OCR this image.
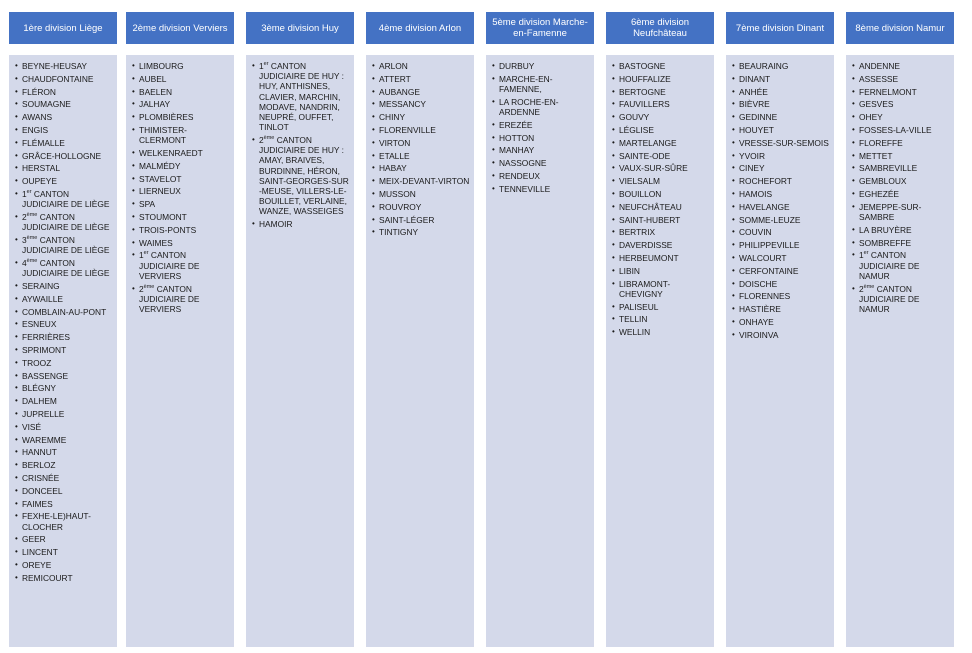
1ère division Liège
• BEYNE-HEUSAY
• CHAUDFONTAINE
• FLÉRON
• SOUMAGNE
• AWANS
• ENGIS
• FLÉMALLE
• GRÂCE-HOLLOGNE
• HERSTAL
• OUPEYE
• 1er CANTON JUDICIAIRE DE LIÈGE
• 2ème CANTON JUDICIAIRE DE LIÈGE
• 3ème CANTON JUDICIAIRE DE LIÈGE
• 4ème CANTON JUDICIAIRE DE LIÈGE
• SERAING
• AYWAILLE
• COMBLAIN-AU-PONT
• ESNEUX
• FERRIÈRES
• SPRIMONT
• TROOZ
• BASSENGE
• BLÉGNY
• DALHEM
• JUPRELLE
• VISÉ
• WAREMME
• HANNUT
• BERLOZ
• CRISNÉE
• DONCEEL
• FAIMES
• FEXHE-LE)HAUT-CLOCHER
• GEER
• LINCENT
• OREYE
• REMICOURT
2ème division Verviers
• LIMBOURG
• AUBEL
• BAELEN
• JALHAY
• PLOMBIÈRES
• THIMISTER-CLERMONT
• WELKENRAEDT
• MALMÉDY
• STAVELOT
• LIERNEUX
• SPA
• STOUMONT
• TROIS-PONTS
• WAIMES
• 1er CANTON JUDICIAIRE DE VERVIERS
• 2ème CANTON JUDICIAIRE DE VERVIERS
3ème division Huy
• 1er CANTON JUDICIAIRE DE HUY : HUY, ANTHISNES, CLAVIER, MARCHIN, MODAVE, NANDRIN, NEUPRÉ, OUFFET, TINLOT
• 2ème CANTON JUDICIAIRE DE HUY : AMAY, BRAIVES, BURDINNE, HÉRON, SAINT-GEORGES-SUR -MEUSE, VILLERS-LE-BOUILLET, VERLAINE, WANZE, WASSEIGES
• HAMOIR
4ème division Arlon
• ARLON
• ATTERT
• AUBANGE
• MESSANCY
• CHINY
• FLORENVILLE
• VIRTON
• ETALLE
• HABAY
• MEIX-DEVANT-VIRTON
• MUSSON
• ROUVROY
• SAINT-LÉGER
• TINTIGNY
5ème division Marche-en-Famenne
• DURBUY
• MARCHE-EN-FAMENNE,
• LA ROCHE-EN-ARDENNE
• EREZÉE
• HOTTON
• MANHAY
• NASSOGNE
• RENDEUX
• TENNEVILLE
6ème division Neufchâteau
• BASTOGNE
• HOUFFALIZE
• BERTOGNE
• FAUVILLERS
• GOUVY
• LÉGLISE
• MARTELANGE
• SAINTE-ODE
• VAUX-SUR-SÛRE
• VIELSALM
• BOUILLON
• NEUFCHÂTEAU
• SAINT-HUBERT
• BERTRIX
• DAVERDISSE
• HERBEUMONT
• LIBIN
• LIBRAMONT-CHEVIGNY
• PALISEUL
• TELLIN
• WELLIN
7ème division Dinant
• BEAURAING
• DINANT
• ANHÉE
• BIÈVRE
• GEDINNE
• HOUYET
• VRESSE-SUR-SEMOIS
• YVOIR
• CINEY
• ROCHEFORT
• HAMOIS
• HAVELANGE
• SOMME-LEUZE
• COUVIN
• PHILIPPEVILLE
• WALCOURT
• CERFONTAINE
• DOISCHE
• FLORENNES
• HASTIÈRE
• ONHAYE
• VIROINVA
8ème division Namur
• ANDENNE
• ASSESSE
• FERNELMONT
• GESVES
• OHEY
• FOSSES-LA-VILLE
• FLOREFFE
• METTET
• SAMBREVILLE
• GEMBLOUX
• EGHEZÉE
• JEMEPPE-SUR-SAMBRE
• LA BRUYÈRE
• SOMBREFFE
• 1er CANTON JUDICIAIRE DE NAMUR
• 2ème CANTON JUDICIAIRE DE NAMUR
